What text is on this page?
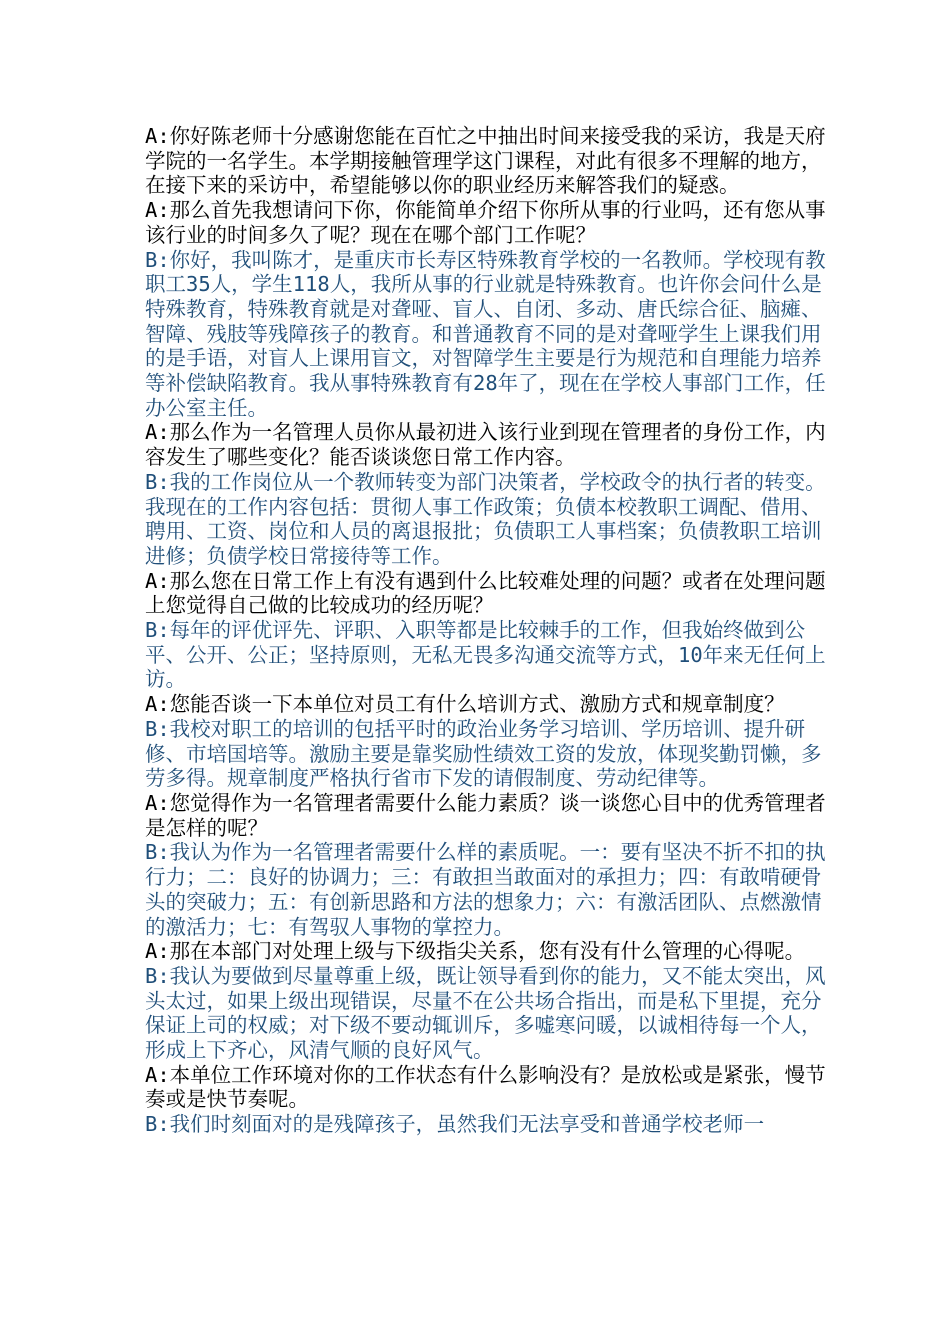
A:你好陈老师十分感谢您能在百忙之中抽出时间来接受我的采访，我是天府学院的一名学生。本学期接触管理学这门课程，对此有很多不理解的地方，在接下来的采访中，希望能够以你的职业经历来解答我们的疑惑。

A:那么首先我想请问下你，你能简单介绍下你所从事的行业吗，还有您从事该行业的时间多久了呢？现在在哪个部门工作呢？

B:你好，我叫陈才，是重庆市长寿区特殊教育学校的一名教师。学校现有教职工35人，学生118人，我所从事的行业就是特殊教育。也许你会问什么是特殊教育，特殊教育就是对聋哑、盲人、自闭、多动、唐氏综合征、脑瘫、智障、残肢等残障孩子的教育。和普通教育不同的是对聋哑学生上课我们用的是手语，对盲人上课用盲文，对智障学生主要是行为规范和自理能力培养等补偿缺陷教育。我从事特殊教育有28年了，现在在学校人事部门工作，任办公室主任。

A:那么作为一名管理人员你从最初进入该行业到现在管理者的身份工作，内容发生了哪些变化？能否谈谈您日常工作内容。

B:我的工作岗位从一个教师转变为部门决策者，学校政令的执行者的转变。我现在的工作内容包括：贯彻人事工作政策；负债本校教职工调配、借用、聘用、工资、岗位和人员的离退报批；负债职工人事档案；负债教职工培训进修；负债学校日常接待等工作。

A:那么您在日常工作上有没有遇到什么比较难处理的问题？或者在处理问题上您觉得自己做的比较成功的经历呢？

B:每年的评优评先、评职、入职等都是比较棘手的工作，但我始终做到公平、公开、公正；坚持原则，无私无畏多沟通交流等方式，10年来无任何上访。

A:您能否谈一下本单位对员工有什么培训方式、激励方式和规章制度？

B:我校对职工的培训的包括平时的政治业务学习培训、学历培训、提升研修、市培国培等。激励主要是靠奖励性绩效工资的发放，体现奖勤罚懒，多劳多得。规章制度严格执行省市下发的请假制度、劳动纪律等。

A:您觉得作为一名管理者需要什么能力素质？谈一谈您心目中的优秀管理者是怎样的呢？

B:我认为作为一名管理者需要什么样的素质呢。一：要有坚决不折不扣的执行力；二：良好的协调力；三：有敢担当敢面对的承担力；四：有敢啃硬骨头的突破力；五：有创新思路和方法的想象力；六：有激活团队、点燃激情的激活力；七：有驾驭人事物的掌控力。

A:那在本部门对处理上级与下级指尖关系，您有没有什么管理的心得呢。

B:我认为要做到尽量尊重上级，既让领导看到你的能力，又不能太突出，风头太过，如果上级出现错误，尽量不在公共场合指出，而是私下里提，充分保证上司的权威；对下级不要动辄训斥，多嘘寒问暖，以诚相待每一个人，形成上下齐心，风清气顺的良好风气。

A:本单位工作环境对你的工作状态有什么影响没有？是放松或是紧张，慢节奏或是快节奏呢。

B:我们时刻面对的是残障孩子，虽然我们无法享受和普通学校老师一
